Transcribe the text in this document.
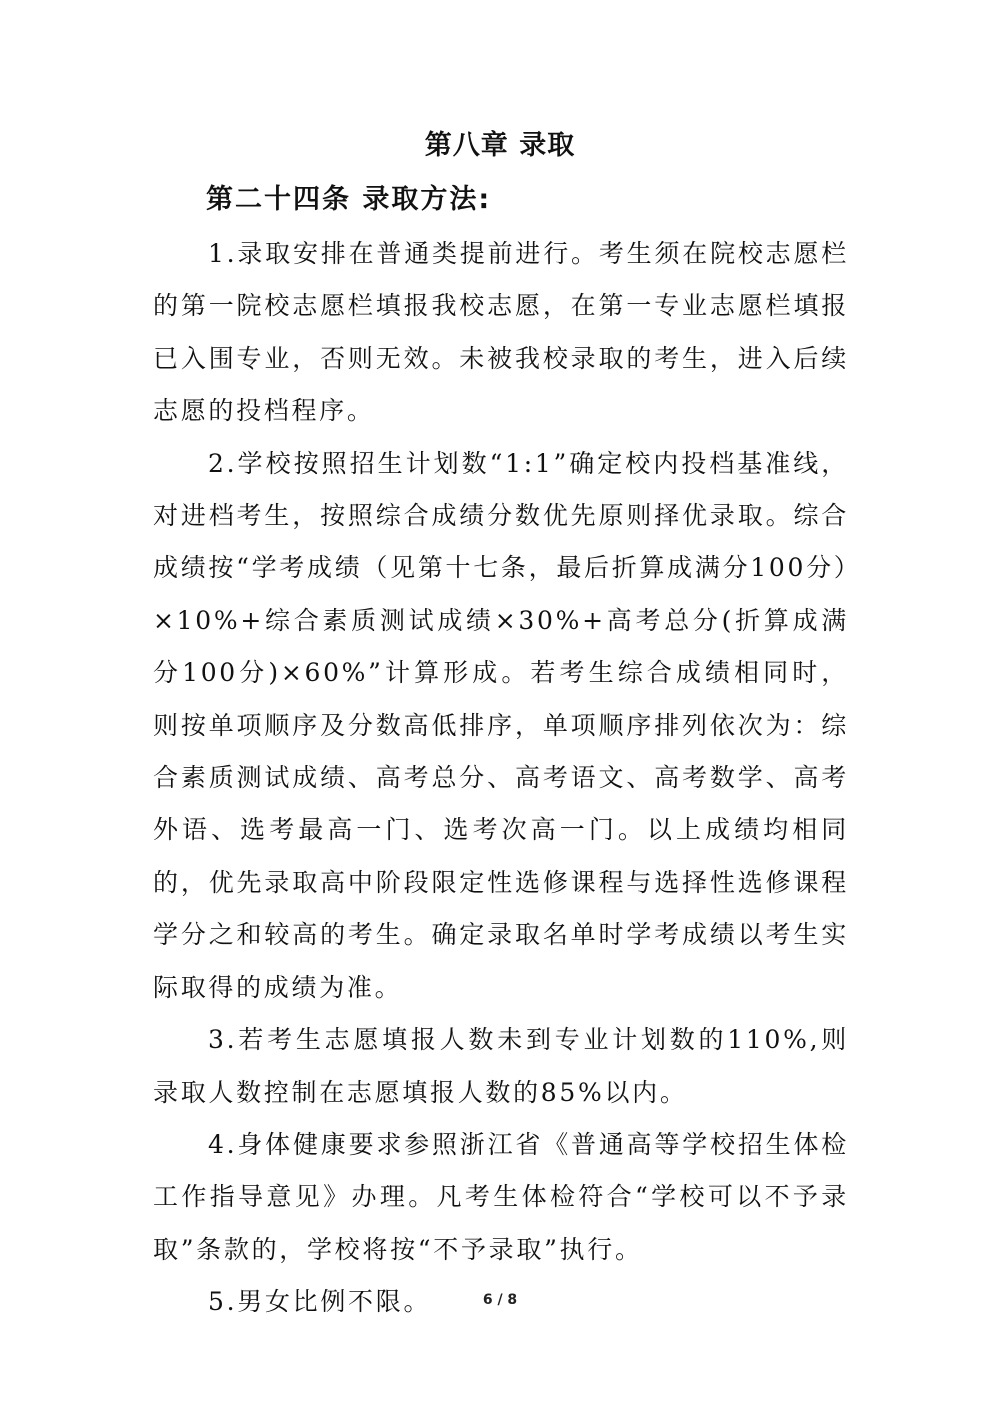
第八章 录取
第二十四条 录取方法:

1.录取安排在普通类提前进行。考生须在院校志愿栏的第一院校志愿栏填报我校志愿，在第一专业志愿栏填报已入围专业，否则无效。未被我校录取的考生，进入后续志愿的投档程序。

2.学校按照招生计划数“1:1”确定校内投档基准线，对进档考生，按照综合成绩分数优先原则择优录取。综合成绩按“学考成绩（见第十七条，最后折算成满分100分）×10%+综合素质测试成绩×30%+高考总分(折算成满分100分)×60%”计算形成。若考生综合成绩相同时，则按单项顺序及分数高低排序，单项顺序排列依次为：综合素质测试成绩、高考总分、高考语文、高考数学、高考外语、选考最高一门、选考次高一门。以上成绩均相同的，优先录取高中阶段限定性选修课程与选择性选修课程学分之和较高的考生。确定录取名单时学考成绩以考生实际取得的成绩为准。

3.若考生志愿填报人数未到专业计划数的110%,则录取人数控制在志愿填报人数的85%以内。

4.身体健康要求参照浙江省《普通高等学校招生体检工作指导意见》办理。凡考生体检符合“学校可以不予录取”条款的，学校将按“不予录取”执行。

5.男女比例不限。	6 / 8
